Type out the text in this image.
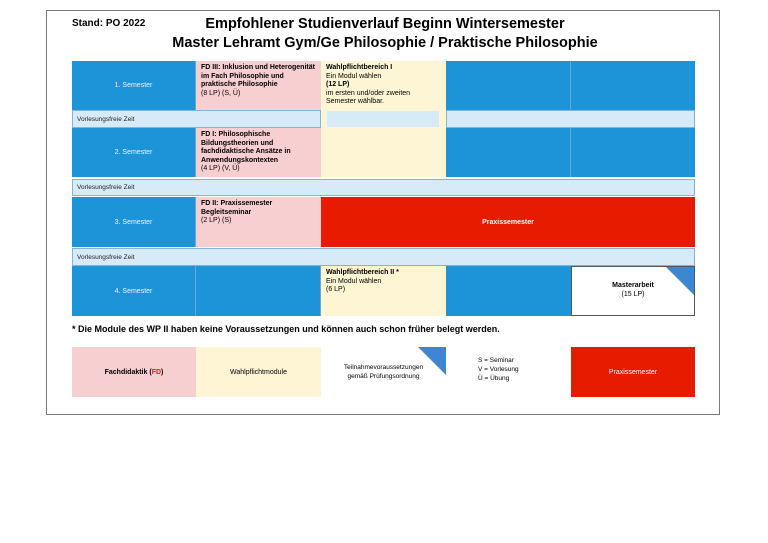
Stand: PO 2022	Empfohlener Studienverlauf Beginn Wintersemester
Master Lehramt Gym/Ge Philosophie / Praktische Philosophie
1. Semester
FD III: Inklusion und Heterogenität im Fach Philosophie und praktische Philosophie
(8 LP) (S, Ü)
Wahlpflichtbereich I
Ein Modul wählen
(12 LP)
im ersten und/oder zweiten Semester wählbar.
Vorlesungsfreie Zeit
2. Semester
FD I: Philosophische Bildungstheorien und fachdidaktische Ansätze in Anwendungskontexten
(4 LP) (V, Ü)
Vorlesungsfreie Zeit
3. Semester
FD II: Praxissemester Begleitseminar
(2 LP) (S)	Praxissemester
Vorlesungsfreie Zeit
4. Semester
Wahlpflichtbereich II *
Ein Modul wählen
(6 LP)
Masterarbeit
(15 LP)
* Die Module des WP II haben keine Voraussetzungen und können auch schon früher belegt werden.
Fachdidaktik (FD)	Wahlpflichtmodule
Teilnahmevoraussetzungen
gemäß Prüfungsordnung
S = Seminar
V = Vorlesung
Ü = Übung
Praxissemester
